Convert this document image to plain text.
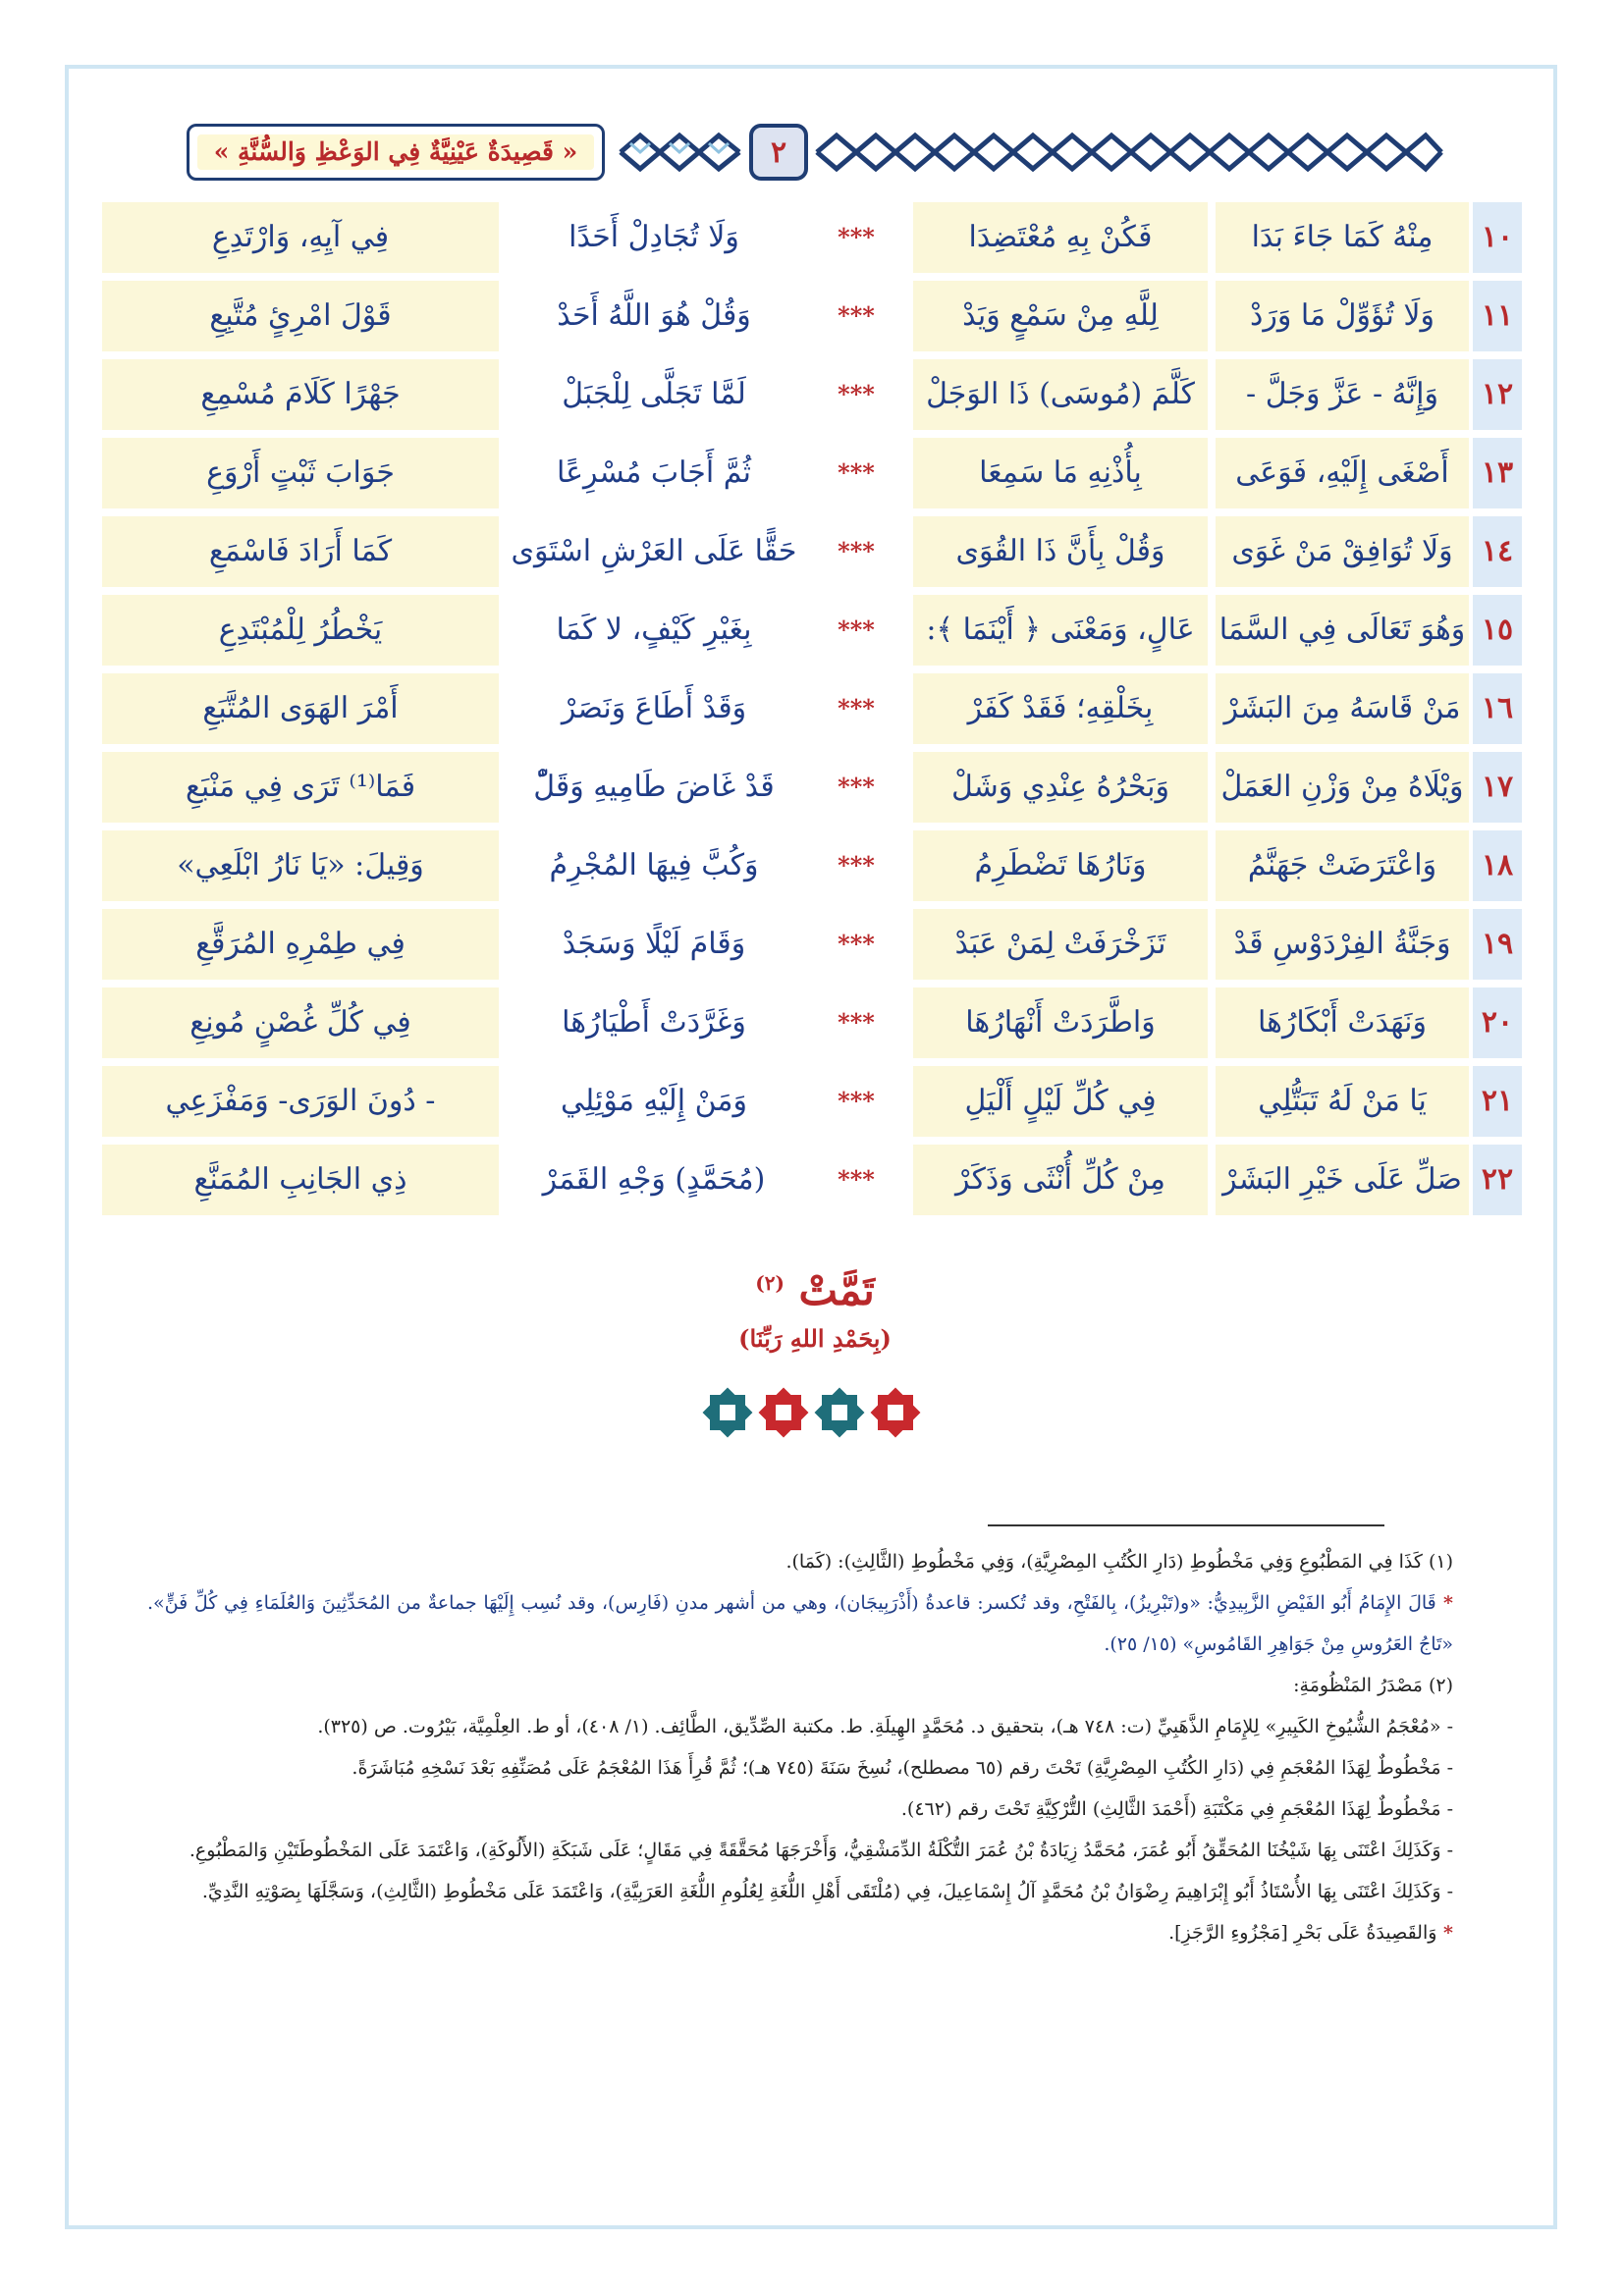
« قَصِيدَةٌ عَيْنِيَّةٌ فِي الوَعْظِ وَالسُّنَّةِ »	٢
١٠
مِنْهُ كَمَا جَاءَ بَدَا
فَكُنْ بِهِ مُعْتَضِدَا
***
وَلَا تُجَادِلْ أَحَدًا
فِي آيِهِ، وَارْتَدِعِ
١١
وَلَا تُؤَوِّلْ مَا وَرَدْ
لِلَّهِ مِنْ سَمْعٍ وَيَدْ
***
وَقُلْ هُوَ اللَّهُ أَحَدْ
قَوْلَ امْرِئٍ مُتَّبِعِ
١٢
وَإِنَّهُ - عَزَّ وَجَلَّ -
كَلَّمَ (مُوسَى) ذَا الوَجَلْ
***
لَمَّا تَجَلَّى لِلْجَبَلْ
جَهْرًا كَلَامَ مُسْمِعِ
١٣
أَصْغَى إِلَيْهِ، فَوَعَى
بِأُذْنِهِ مَا سَمِعَا
***
ثُمَّ أَجَابَ مُسْرِعًا
جَوَابَ ثَبْتٍ أَرْوَعِ
١٤
وَلَا تُوَافِقْ مَنْ غَوَى
وَقُلْ بِأَنَّ ذَا القُوَى
***
حَقًّا عَلَى العَرْشِ اسْتَوَى
كَمَا أَرَادَ فَاسْمَعِ
١٥
وَهُوَ تَعَالَى فِي السَّمَا
عَالٍ، وَمَعْنَى ﴿ أَيْنَمَا ﴾:
***
بِغَيْرِ كَيْفٍ، لا كَمَا
يَخْطُرُ لِلْمُبْتَدِعِ
١٦
مَنْ قَاسَهُ مِنَ البَشَرْ
بِخَلْقِهِ؛ فَقَدْ كَفَرْ
***
وَقَدْ أَطَاعَ وَنَصَرْ
أَمْرَ الهَوَى المُتَّبَعِ
١٧
وَيْلَاهُ مِنْ وَزْنِ العَمَلْ
وَبَحْرُهُ عِنْدِي وَشَلْ
***
قَدْ غَاضَ طَامِيهِ وَقَلّْ
فَمَا⁽¹⁾ تَرَى فِي مَنْبَعِ
١٨
وَاعْتَرَضَتْ جَهَنَّمُ
وَنَارُهَا تَضْطَرِمُ
***
وَكُبَّ فِيهَا المُجْرِمُ
وَقِيلَ: «يَا نَارُ ابْلَعِي»
١٩
وَجَنَّةُ الفِرْدَوْسِ قَدْ
تَزَخْرَفَتْ لِمَنْ عَبَدْ
***
وَقَامَ لَيْلًا وَسَجَدْ
فِي طِمْرِهِ المُرَقَّعِ
٢٠
وَنَهَدَتْ أَبْكَارُهَا
وَاطَّرَدَتْ أَنْهَارُهَا
***
وَغَرَّدَتْ أَطْيَارُهَا
فِي كُلِّ غُصْنٍ مُونِعِ
٢١
يَا مَنْ لَهُ تَبَتُّلِي
فِي كُلِّ لَيْلٍ أَلْيَلِ
***
وَمَنْ إِلَيْهِ مَوْئِلِي
- دُونَ الوَرَى- وَمَفْزَعِي
٢٢
صَلِّ عَلَى خَيْرِ البَشَرْ
مِنْ كُلِّ أُنْثَى وَذَكَرْ
***
(مُحَمَّدٍ) وَجْهِ القَمَرْ
ذِي الجَانِبِ المُمَنَّعِ
تَمَّتْ $^{(٢)}$
(بِحَمْدِ اللهِ رَبِّنَا)

(١) كَذَا فِي المَطْبُوعِ وَفِي مَخْطُوطِ (دَارِ الكُتُبِ المِصْرِيَّةِ)، وَفِي مَخْطُوطِ (الثَّالِثِ): (كَمَا).

* قَالَ الإِمَامُ أَبُو الفَيْضِ الزَّبِيدِيُّ: «و(تَبْرِيزُ)، بِالفَتْحِ، وقد تُكسر: قاعدةُ (أَذْرَبِيجَان)، وهي من أشهر مدنِ (فَارِس)، وقد نُسِب إِلَيْهَا جماعةٌ من المُحَدِّثِينَ وَالعُلَمَاءِ فِي كُلِّ فَنٍّ». «تَاجُ العَرُوسِ مِنْ جَوَاهِرِ القَامُوسِ» (١٥/ ٢٥).

(٢) مَصْدَرُ المَنْظُومَةِ:

- «مُعْجَمُ الشُّيُوخِ الكَبِيرِ» لِلإِمَامِ الذَّهَبِيِّ (ت: ٧٤٨ هـ)، بتحقيق د. مُحَمَّدٍ الهِيلَةِ. ط. مكتبة الصِّدِّيق، الطَّائِف. (١/ ٤٠٨)، أو ط. العِلْمِيَّة، بَيْرُوت. ص (٣٢٥).

- مَخْطُوطٌ لِهَذَا المُعْجَمِ فِي (دَارِ الكُتُبِ المِصْرِيَّةِ) تَحْتَ رقم (٦٥ مصطلح)، نُسِخَ سَنَةَ (٧٤٥ هـ)؛ ثُمَّ قُرِأَ هَذَا المُعْجَمُ عَلَى مُصَنِّفِهِ بَعْدَ نَسْخِهِ مُبَاشَرَةً.

- مَخْطُوطٌ لِهَذَا المُعْجَمِ فِي مَكْتَبَةِ (أَحْمَدَ الثَّالِثِ) التُّرْكِيَّةِ تَحْتَ رقم (٤٦٢).

- وَكَذَلِكَ اعْتَنَى بِهَا شَيْخُنَا المُحَقِّقُ أَبُو عُمَرَ، مُحَمَّدُ زِيَادَةُ بْنُ عُمَرَ التُّكْلَةُ الدِّمَشْقِيُّ، وَأَخْرَجَهَا مُحَقَّقَةً فِي مَقَالٍ؛ عَلَى شَبَكَةِ (الأَلُوكَةِ)، وَاعْتَمَدَ عَلَى المَخْطُوطَتَيْنِ وَالمَطْبُوعِ.

- وَكَذَلِكَ اعْتَنَى بِهَا الأُسْتَاذُ أَبُو إِبْرَاهِيمَ رِضْوَانُ بْنُ مُحَمَّدٍ آلُ إِسْمَاعِيلَ، فِي (مُلْتَقَى أَهْلِ اللُّغَةِ لِعُلُومِ اللُّغَةِ العَرَبِيَّةِ)، وَاعْتَمَدَ عَلَى مَخْطُوطِ (الثَّالِثِ)، وَسَجَّلَهَا بِصَوْتِهِ النَّدِيِّ.

* وَالقَصِيدَةُ عَلَى بَحْرِ [مَجْزُوءِ الرَّجَزِ].
